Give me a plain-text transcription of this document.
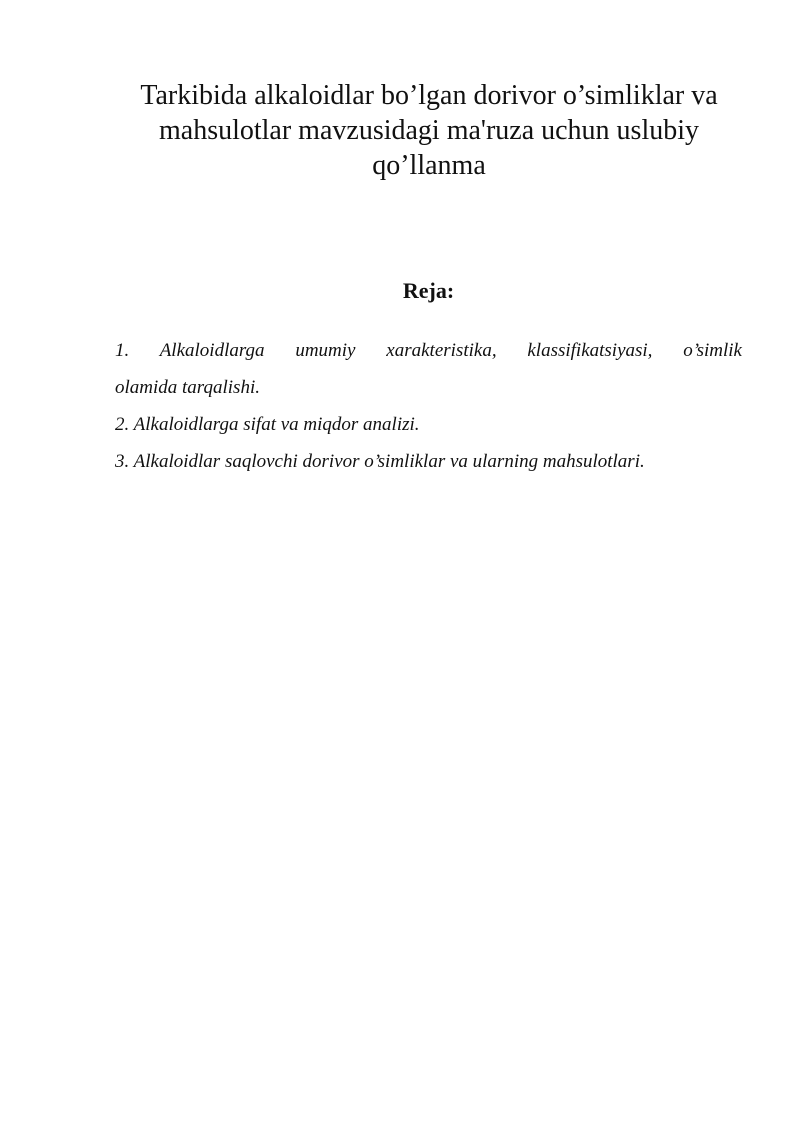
Tarkibida alkaloidlar bo’lgan dorivor o’simliklar va mahsulotlar mavzusidagi ma'ruza uchun uslubiy qo’llanma
Reja:
1. Alkaloidlarga umumiy xarakteristika, klassifikatsiyasi, o’simlik
olamida tarqalishi.
2. Alkaloidlarga sifat va miqdor analizi.
3. Alkaloidlar saqlovchi dorivor o’simliklar va ularning mahsulotlari.
